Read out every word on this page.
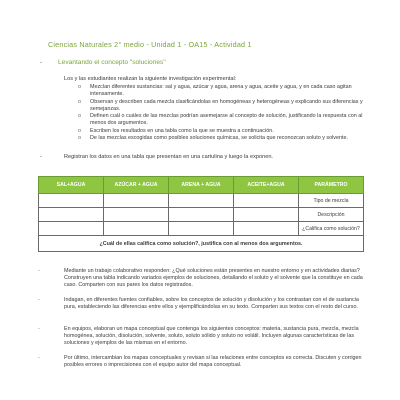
Ciencias Naturales 2° medio - Unidad 1 - OA15 - Actividad 1
- Levantando el concepto "soluciones"
Los y las estudiantes realizan la siguiente investigación experimental:
o Mezclan diferentes sustancias: sal y agua, azúcar y agua, arena y agua, aceite y agua, y en cada caso agitan intensamente.
o Observan y describen cada mezcla clasificándolas en homogéneas y heterogéneas y explicando sus diferencias y semejanzas.
o Definen cuál o cuáles de las mezclas podrían asemejarse al concepto de solución, justificando la respuesta con al menos dos argumentos.
o Escriben los resultados en una tabla como la que se muestra a continuación.
o De las mezclas escogidas como posibles soluciones químicas, se solicita que reconozcan soluto y solvente.
-	Registran los datos en una tabla que presentan en una cartulina y luego la exponen.
SAL+AGUA	AZÚCAR + AGUA	ARENA + AGUA	ACEITE+AGUA	PARÁMETRO
				Tipo de mezcla
				Descripción
				¿Califica como solución?
¿Cuál de ellas califica como solución?, justifica con al menos dos argumentos.				
-	Mediante un trabajo colaborativo responden: ¿Qué soluciones están presentes en nuestro entorno y en actividades diarias? Construyen una tabla indicando variados ejemplos de soluciones, detallando el soluto y el solvente que la constituye en cada caso. Comparten con sus pares los datos registrados.
-	Indagan, en diferentes fuentes confiables, sobre los conceptos de solución y disolución y los contrastan con el de sustancia pura, estableciendo las diferencias entre ellos y ejemplificándolas en su texto. Comparten sus textos con el resto del curso.
-	En equipos, elaboran un mapa conceptual que contenga los siguientes conceptos: materia, sustancia pura, mezcla, mezcla homogénea, solución, disolución, solvente, soluto, soluto sólido y soluto no volátil. Incluyen algunas características de las soluciones y ejemplos de las mismas en el entorno.
-	Por último, intercambian los mapas conceptuales y revisan si las relaciones entre conceptos es correcta. Discuten y corrigen posibles errores o imprecisiones con el equipo autor del mapa conceptual.
